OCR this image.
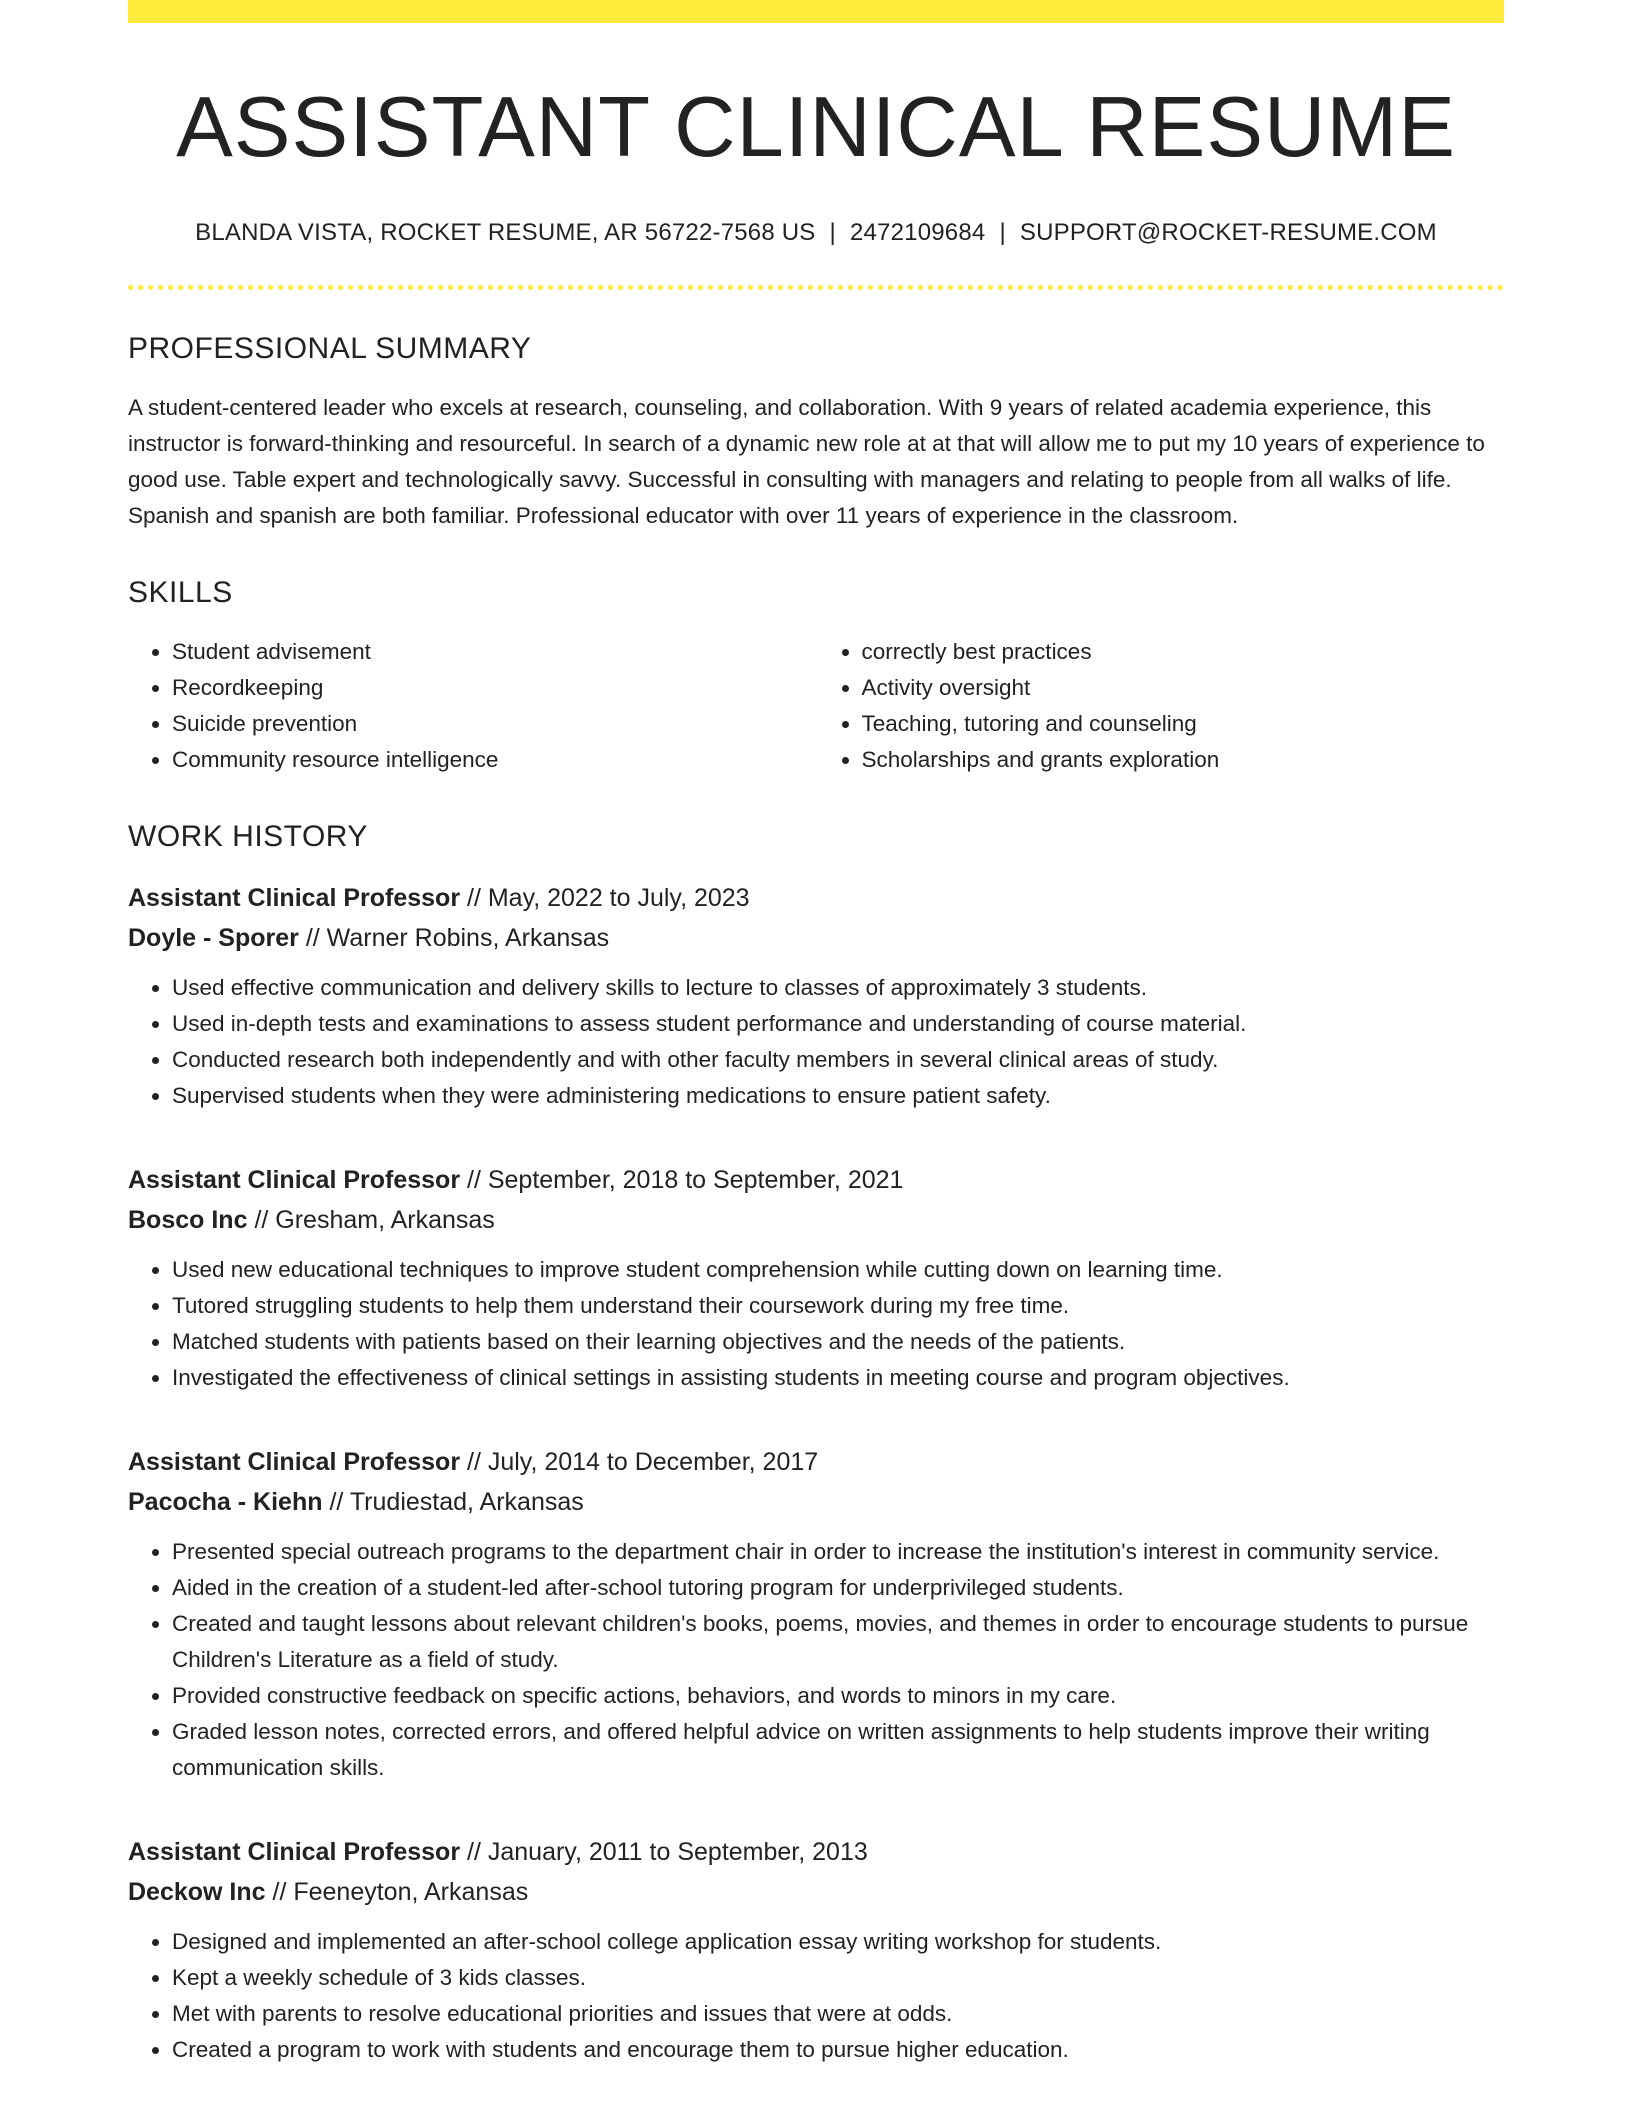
ASSISTANT CLINICAL RESUME
BLANDA VISTA, ROCKET RESUME, AR 56722-7568 US | 2472109684 | SUPPORT@ROCKET-RESUME.COM
PROFESSIONAL SUMMARY
A student-centered leader who excels at research, counseling, and collaboration. With 9 years of related academia experience, this instructor is forward-thinking and resourceful. In search of a dynamic new role at at that will allow me to put my 10 years of experience to good use. Table expert and technologically savvy. Successful in consulting with managers and relating to people from all walks of life. Spanish and spanish are both familiar. Professional educator with over 11 years of experience in the classroom.
SKILLS
• Student advisement
• Recordkeeping
• Suicide prevention
• Community resource intelligence
• correctly best practices
• Activity oversight
• Teaching, tutoring and counseling
• Scholarships and grants exploration
WORK HISTORY
Assistant Clinical Professor // May, 2022 to July, 2023
Doyle - Sporer // Warner Robins, Arkansas
• Used effective communication and delivery skills to lecture to classes of approximately 3 students.
• Used in-depth tests and examinations to assess student performance and understanding of course material.
• Conducted research both independently and with other faculty members in several clinical areas of study.
• Supervised students when they were administering medications to ensure patient safety.
Assistant Clinical Professor // September, 2018 to September, 2021
Bosco Inc // Gresham, Arkansas
• Used new educational techniques to improve student comprehension while cutting down on learning time.
• Tutored struggling students to help them understand their coursework during my free time.
• Matched students with patients based on their learning objectives and the needs of the patients.
• Investigated the effectiveness of clinical settings in assisting students in meeting course and program objectives.
Assistant Clinical Professor // July, 2014 to December, 2017
Pacocha - Kiehn // Trudiestad, Arkansas
• Presented special outreach programs to the department chair in order to increase the institution's interest in community service.
• Aided in the creation of a student-led after-school tutoring program for underprivileged students.
• Created and taught lessons about relevant children's books, poems, movies, and themes in order to encourage students to pursue Children's Literature as a field of study.
• Provided constructive feedback on specific actions, behaviors, and words to minors in my care.
• Graded lesson notes, corrected errors, and offered helpful advice on written assignments to help students improve their writing communication skills.
Assistant Clinical Professor // January, 2011 to September, 2013
Deckow Inc // Feeneyton, Arkansas
• Designed and implemented an after-school college application essay writing workshop for students.
• Kept a weekly schedule of 3 kids classes.
• Met with parents to resolve educational priorities and issues that were at odds.
• Created a program to work with students and encourage them to pursue higher education.
